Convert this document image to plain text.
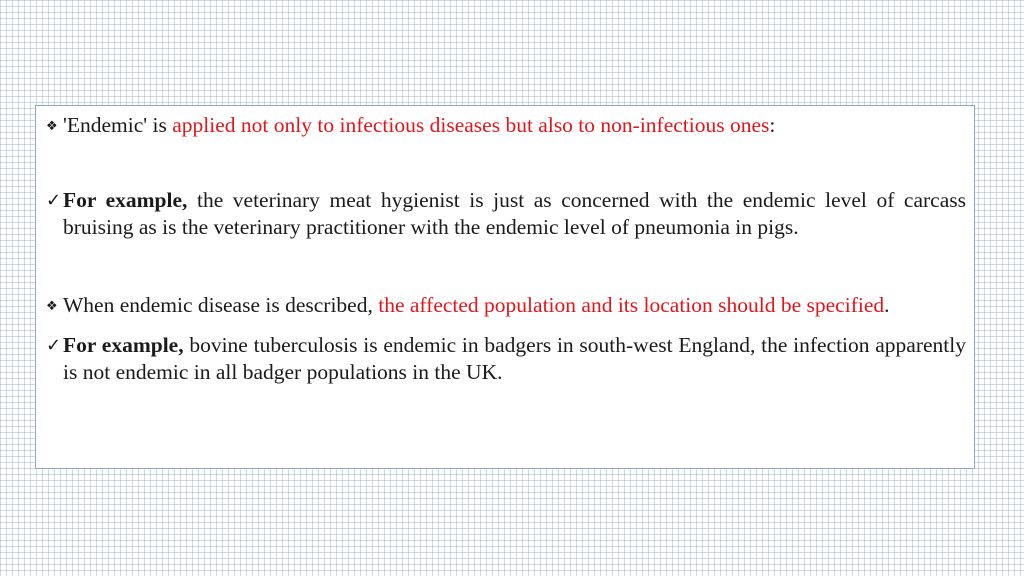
❖ 'Endemic' is applied not only to infectious diseases but also to non-infectious ones:

✓ For example, the veterinary meat hygienist is just as concerned with the endemic level of carcass bruising as is the veterinary practitioner with the endemic level of pneumonia in pigs.

❖ When endemic disease is described, the affected population and its location should be specified.

✓ For example, bovine tuberculosis is endemic in badgers in south-west England, the infection apparently is not endemic in all badger populations in the UK.
